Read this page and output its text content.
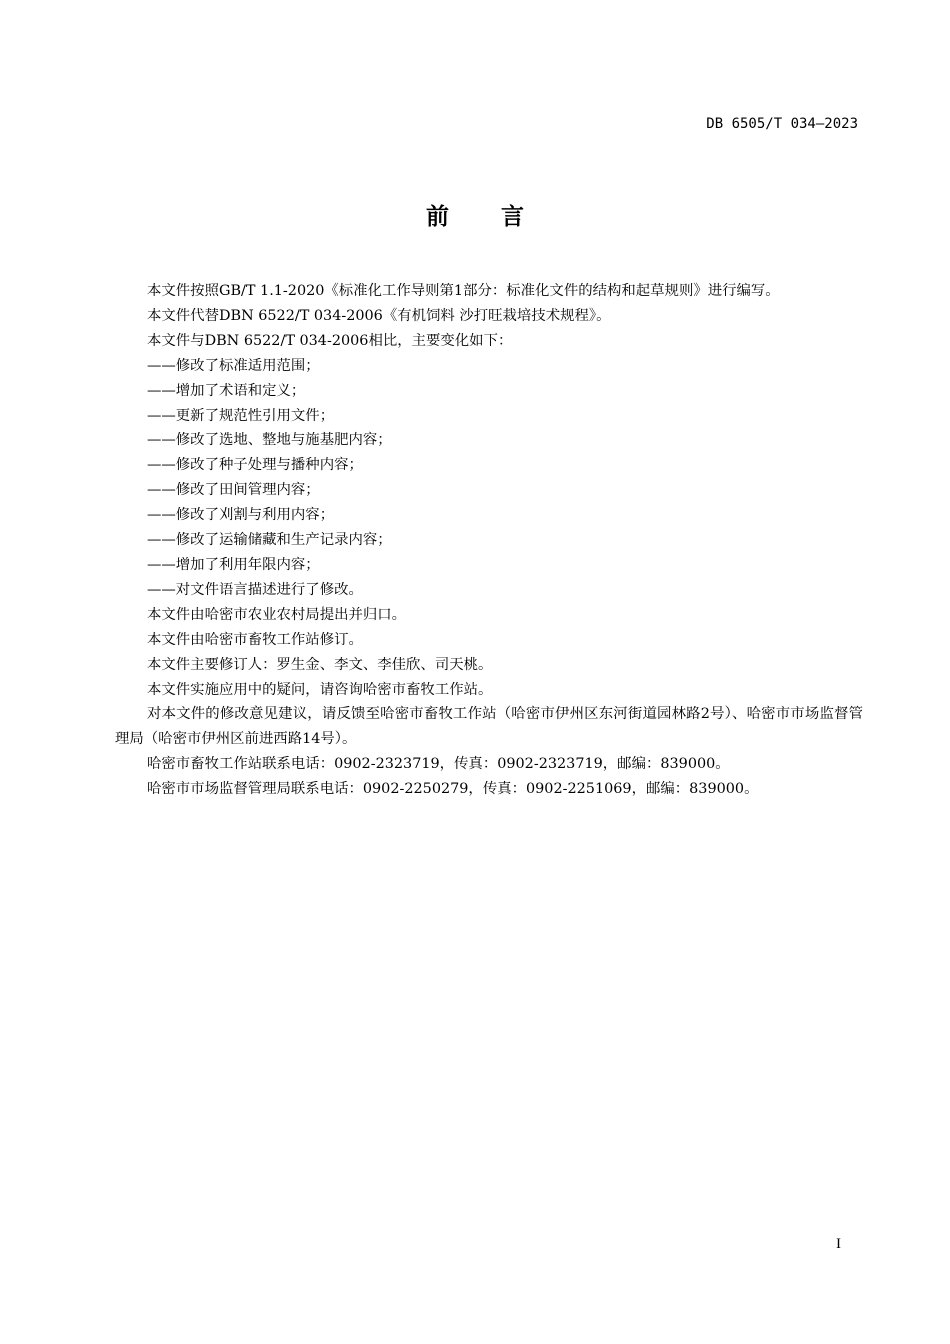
DB 6505/T 034—2023
前 言

本文件按照GB/T 1.1-2020《标准化工作导则第1部分：标准化文件的结构和起草规则》进行编写。

本文件代替DBN 6522/T 034-2006《有机饲料 沙打旺栽培技术规程》。

本文件与DBN 6522/T 034-2006相比，主要变化如下：

——修改了标准适用范围；

——增加了术语和定义；

——更新了规范性引用文件；

——修改了选地、整地与施基肥内容；

——修改了种子处理与播种内容；

——修改了田间管理内容；

——修改了刈割与利用内容；

——修改了运输储藏和生产记录内容；

——增加了利用年限内容；

——对文件语言描述进行了修改。

本文件由哈密市农业农村局提出并归口。

本文件由哈密市畜牧工作站修订。

本文件主要修订人：罗生金、李文、李佳欣、司天桃。

本文件实施应用中的疑问，请咨询哈密市畜牧工作站。

对本文件的修改意见建议，请反馈至哈密市畜牧工作站（哈密市伊州区东河街道园林路2号）、哈密市市场监督管理局（哈密市伊州区前进西路14号）。

哈密市畜牧工作站联系电话：0902-2323719，传真：0902-2323719，邮编：839000。

哈密市市场监督管理局联系电话：0902-2250279，传真：0902-2251069，邮编：839000。

I
